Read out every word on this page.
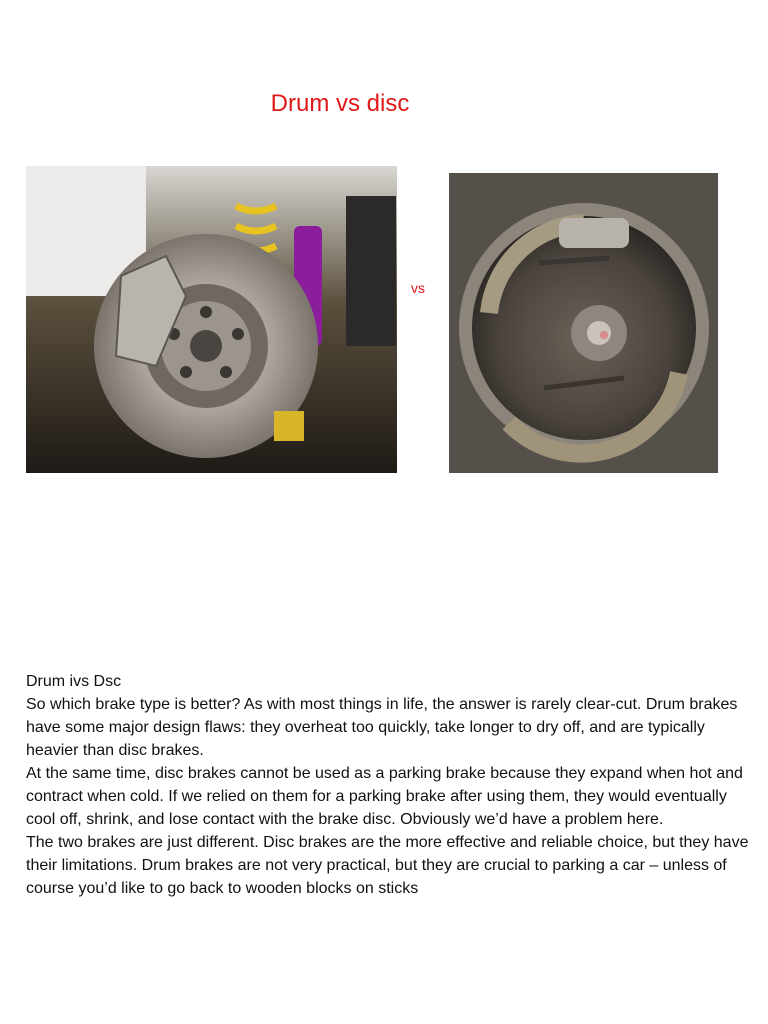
Drum vs disc
vs

Drum ivs Dsc

So which brake type is better? As with most things in life, the answer is rarely clear-cut. Drum brakes have some major design flaws: they overheat too quickly, take longer to dry off, and are typically heavier than disc brakes.

At the same time, disc brakes cannot be used as a parking brake because they expand when hot and contract when cold. If we relied on them for a parking brake after using them, they would eventually cool off, shrink, and lose contact with the brake disc. Obviously we’d have a problem here.

The two brakes are just different. Disc brakes are the more effective and reliable choice, but they have their limitations. Drum brakes are not very practical, but they are crucial to parking a car – unless of course you’d like to go back to wooden blocks on sticks
